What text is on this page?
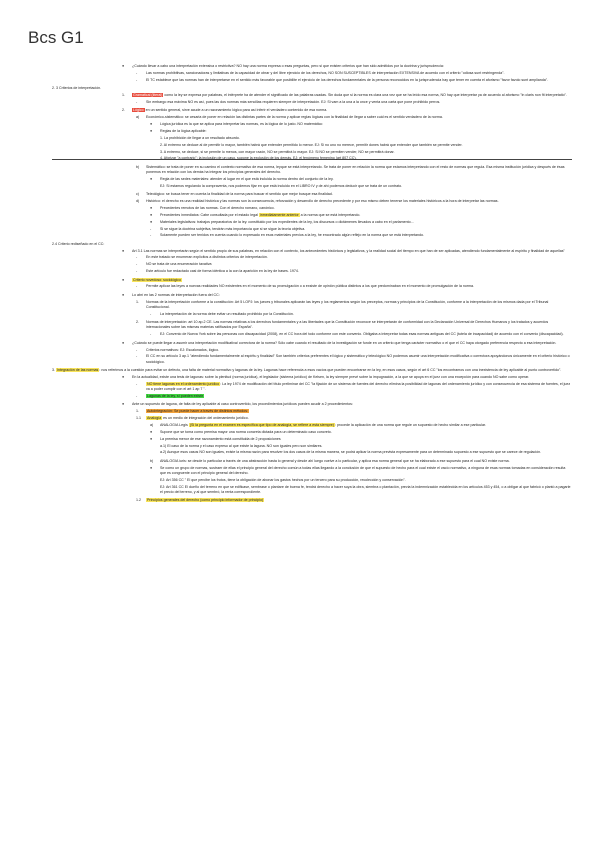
Bcs G1
● ¿Cuándo llevar a cabo una interpretación extensiva o restrictiva? NO hay una norma expresa o esas preguntas, pero si que existen criterios que han sido admitidos por la doctrina y jurisprudencia:
- Las normas prohibitivas, sancionadoras y limitativas de la capacidad de obrar y del libre ejercicio de los derechos, NO SON SUSCEPTIBLES de interpretación EXTENSIVA de acuerdo con el criterio "odiosa sunt restringenda".
- El TC establece que las normas han de interpretarse en el sentido más favorable que posibilite el ejercicio de los derechos fundamentales de la persona reconocidos en la jurisprudencia hay que tener en cuenta el aforismo "favor favolo sunt amplianda".
2. 3 Criterios de interpretación.
1. Gramatical (literal) como la ley se expresa por palabras, el intérprete ha de atender el significado de las palabras usadas. Sin duda que si la norma es clara una vez que se ha leído esa norma, NO hay que interpretar ya de acuerdo al aforismo "in claris non fit interpretatio".
- Sin embargo esa máxima NO es así, pues las dos normas más sencillas requieren siempre de interpretación. EJ: Si vam a la una a la once y venta una carta que pone prohibido perros.
2. Lógico en un sentido general, sirve acude a un razonamiento lógico para así inferir el verdadero contenido de esa norma.
a) Económico-sistemático: se cesaria de poner en relación las distintas partes de la norma y aplicar reglas lógicas con la finalidad de llegar a saber cuál es el sentido verdadero de la norma.
● Lógica jurídica es la que se aplica para interpretar las normas, es la lógica de lo justo. NO matemático
● Reglas de la lógica aplicable:
1. La prohibición de llegar a un resultado absurdo.
2. Al extremo se deduce al de permitir lo mayor, también habrá que entender permitido lo menor. EJ: Si no uno no merece, permitir dones habrá que entender que también se permite vender.
3. A extremo, se deduce, si se permite lo menos, con mayor razón, NO se permitirá lo mayor. EJ: Si NO se permiten vender, NO se permitirá donar.
4. Aforizar "a contrario": la inclusión de un caso, supone la exclusión de los demás. EJ: el fenómeno femenino (art 807 CC).
b) Sistemático: se trata de poner en su camino el contexto normativo de esa norma, leyque se está interpretando. Se trata de poner en relación la norma que estamos interpretando con el resto de normas que regula. Esa misma institución jurídica y después de ésas ponemos en relación con los demás ha integrar los principios generales del derecho.
● Regla de las sedes materiales: atender al lugar en el que está incluida la norma dentro del conjunto de la ley.
EJ: Si estamos regulando la compraventa, nos podemos fijar en que está incluido en el LIBRO IV y de ahí podemos deducir que se trata de un contrato.
c) Teleológico: se busca tener en cuenta la finalidad de la norma para buscar el sentido que mejor busque esa finalidad.
d) Histórico: el derecho es una realidad histórica y las normas son la consecuencia, reforzación y desarrollo de derecho precedente y por eso mismo deben tenerse los materiales históricos a la hora de interpretar las normas.
● Precedentes remotos de las normas. Con el derecho romano, canónico.
● Precedentes inmediatos: Cabe consultada por el estado legal inmediatamente anterior a la norma que se está interpretando.
● Materiales legislativos: trabajos preparatorios de la ley. constituido por los expedientes de la ley, los discursos o dictámenes llevados a cabo en el parlamento...
- Si se sigue la doctrina subjetiva, tendrán más importancia que si se sigue la teoría objetiva.
- Solamente pueden ser tenidos en cuenta cuando lo expresado en esos materiales previos a la ley, he encontrado algún reflejo en la norma que se está interpretando.
2.4 Criterio rediseñado en el CC:
● Art 3.1 Las normas se interpretarán según el sentido propio de sus palabras, en relación con el contexto, los antecedentes históricos y legislativos, y la realidad social del tiempo en que han de ser aplicadas, atendiendo fundamentalmente al espíritu y finalidad de aquellas"
- En este tratado se enumeran explícitos a distintos criterios de interpretación.
- NO se trata de una enumeración taxativa
- Este artículo fue redactado casi de forma idéntica a la con la aparición en la ley de bases. 1974.
● Criterio novedoso: sociológico
- Permite aplicar las leyes a nuevas realidades NO existentes en el momento de su promulgación o a exsiste de opinión pública distintos a los que predominaban en el momento de promulgación de la norma.
● Lo abrí en las 2 normas de interpretación fuera del CC:
1. Normas de la interpretación conforme a la constitución: Art 5 LOPJ: los jueces y tribunales aplicarán las leyes y los reglamentos según los preceptos, normas y principios de la Constitución, conforme a la interpretación de los mismos dada por el Tribunal Constitucional.
- La interpretación de la norma debe evitar un resultado prohibido por la Constitución.
2. Normas de interpretación: art 10 ap.2 CE. Las normas relativas a los derechos fundamentales y a las libertades que la Constitución reconoce se interpretarán de conformidad con la Declaración Universal de Derechos Humanos y los tratados y acuerdos internacionales sobre las mismas materias ratificados por España".
- EJ: Convenio de Nueva York sobre las personas con discapacidad (2008), en el CC hora del todo conforme con este convenio. Obligaba a interpretar todas esas normas antiguas del CC (tutela de incapacidad) de acuerdo con el convenio (discapacidad).
● ¿Cuándo se puede llegar a asumir una interpretación modificativa/ correctora de la norma? Sólo cabe cuando el resultado de la investigación se funde en un criterio que tenga carácter normativo o el que el CC haya otorgado preferencia respecto a esa interpretación.
- Criterios normativos: EJ: Escalonados, lógico.
- El CC en su artículo 3 ap.1 "atendiendo fundamentalmente al espíritu y finalidad" Son también criterios preferentes el lógico y sistemático y teleológico NO podemos asumir una interpretación modificativa o correctora apoyándonos únicamente en el criterio histórico o sociológico.
3. Integración de las normas: nos referimos a la cuestión para evitar un defecto, una falta de material normativo y lagunas de la ley. Lagunas hace referencia a esos vacíos que pueden encontrarse en la ley, en esos casos, según el art 6 CC "los encontramos con una inexistencia de ley aplicable al punto controvertido".
● En la actualidad, existe una tesis de lagunas: sobre la plenitud (norma jurídica), el legislador (sistema jurídico) de Kelsen, la ley siempre prevé sobre la impugnación, a la que se apoya en el juez con una excepción para cuando NO sabe como operar.
-	NO tiene lagunas en el ordenamiento jurídico: La ley 1974 de modificación del título preliminar del CC "la fijación de un sistema de fuentes del derecho elimina la posibilidad de lagunas del ordenamiento jurídico y con consecuencia de esa sistema de fuentes, el juez va a poder cumplir con el art 1 ap 7 ".
-	Lagunas de la ley, sí pueden existir
● Ante un supuesto de laguna, de falta de ley aplicable al caso controvertido, los procedimientos jurídicos pueden acudir a 2 procedimientos:
1. Autointegración: Se puede hacer a través de distintos métodos:
1.1 Analogía es un medio de integración del ordenamiento jurídico.
a) ANALOGIA Legis (Si la pregunta en el examen es específica que tipo de analogía, se refiere a esta siempre): procede la aplicación de una norma que regule un supuesto de hecho similar a ese particular.
● Supone que se toma como premisa mayor una norma concreta dictada para un determinado caso concreto.
● La premisa menor de ese razonamiento está constituida de 2 proposiciones
a.1) El caso de la norma y el caso expreso al que existe la laguna. NO son iguales pero son similares.
a.2) Aunque esos casos NO son iguales, existe la misma razón para resolver los dos casos de la misma manera, se podrá aplicar la norma prevista expresamente para un determinado supuesto a ese supuesto que se carece de regulación.
b) ANALOGIA iuris: se desde lo particular a través de una abstracción hasta lo general y desde ahí luego vuelve a lo particular, y aplica esa norma general que se ha elaborado a ese supuesto para el cual NO existe norma.
● Se como un grupo de normas, sustraer de ellas el principio general del derecho común a todas ellas llegando a la conclusión de que el supuesto de hecho para el cual existe el vacío normativo, a ninguna de esas normas tomadas en consideración resulta que es congruente con el principio general del derecho.
EJ: Art 356 CC " El que percibe los frutos, tiene la obligación de abonar los gastos hechos por un tercero para su producción, recolección y conservación".
EJ: Art 361 CC El dueño del terreno en que se edificase, sembrase o plantare de buena fe, tendrá derecho a hacer suya la obra, siembra o plantación, previa la indemnización establecida en los artículos 453 y 454, o a obligar al que fabricó o plantó a pagarle el precio del terreno, y al que sembró, la renta correspondiente.
1.2 Principios generales del derecho (como principio informador de principio)
